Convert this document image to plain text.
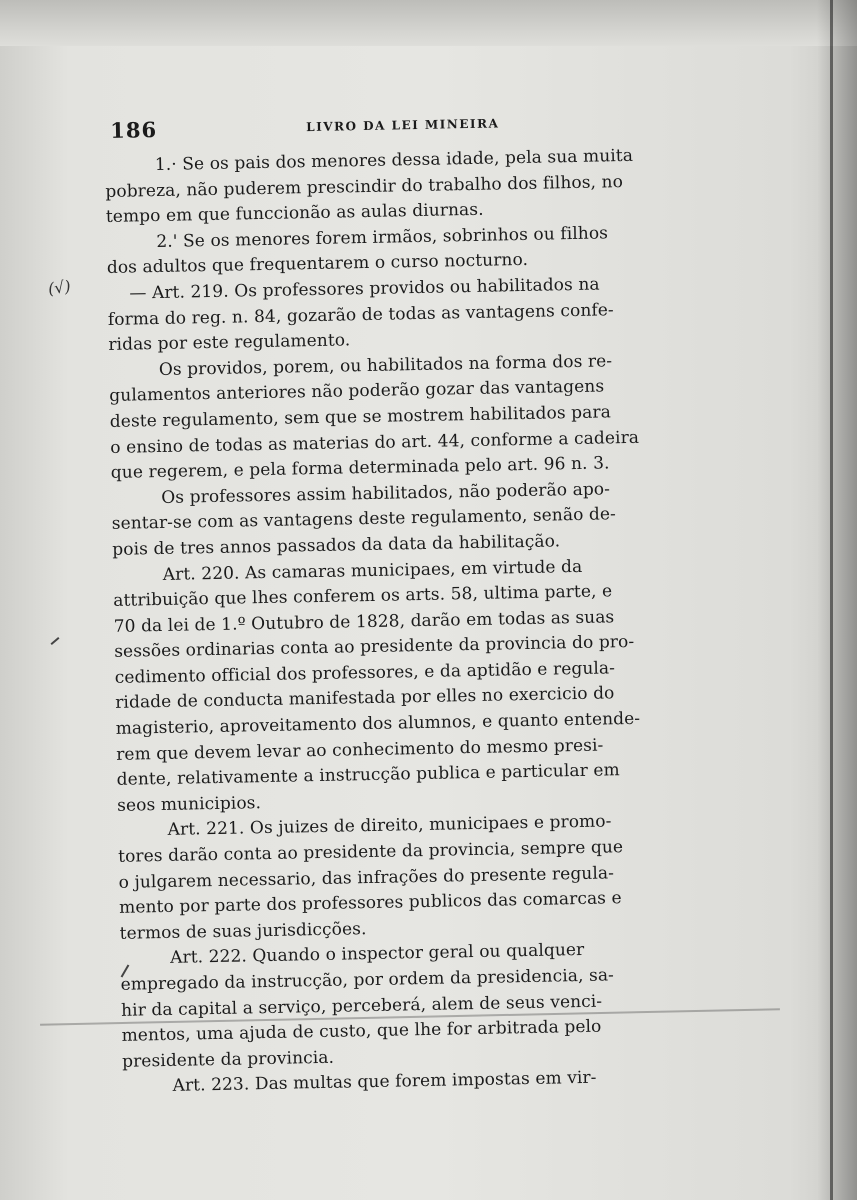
(√)
186	LIVRO DA LEI MINEIRA
1.· Se os pais dos menores dessa idade, pela sua muita
pobreza, não puderem prescindir do trabalho dos filhos, no
tempo em que funccionão as aulas diurnas.
2.' Se os menores forem irmãos, sobrinhos ou filhos
dos adultos que frequentarem o curso nocturno.
— Art. 219. Os professores providos ou habilitados na
forma do reg. n. 84, gozarão de todas as vantagens confe-
ridas por este regulamento.
Os providos, porem, ou habilitados na forma dos re-
gulamentos anteriores não poderão gozar das vantagens
deste regulamento, sem que se mostrem habilitados para
o ensino de todas as materias do art. 44, conforme a cadeira
que regerem, e pela forma determinada pelo art. 96 n. 3.
Os professores assim habilitados, não poderão apo-
sentar-se com as vantagens deste regulamento, senão de-
pois de tres annos passados da data da habilitação.
Art. 220. As camaras municipaes, em virtude da
attribuição que lhes conferem os arts. 58, ultima parte, e
70 da lei de 1.º Outubro de 1828, darão em todas as suas
sessões ordinarias conta ao presidente da provincia do pro-
cedimento official dos professores, e da aptidão e regula-
ridade de conducta manifestada por elles no exercicio do
magisterio, aproveitamento dos alumnos, e quanto entende-
rem que devem levar ao conhecimento do mesmo presi-
dente, relativamente a instrucção publica e particular em
seos municipios.
Art. 221. Os juizes de direito, municipaes e promo-
tores darão conta ao presidente da provincia, sempre que
o julgarem necessario, das infrações do presente regula-
mento por parte dos professores publicos das comarcas e
termos de suas jurisdicções.
Art. 222. Quando o inspector geral ou qualquer
empregado da instrucção, por ordem da presidencia, sa-
hir da capital a serviço, perceberá, alem de seus venci-
mentos, uma ajuda de custo, que lhe for arbitrada pelo
presidente da provincia.
Art. 223. Das multas que forem impostas em vir-
